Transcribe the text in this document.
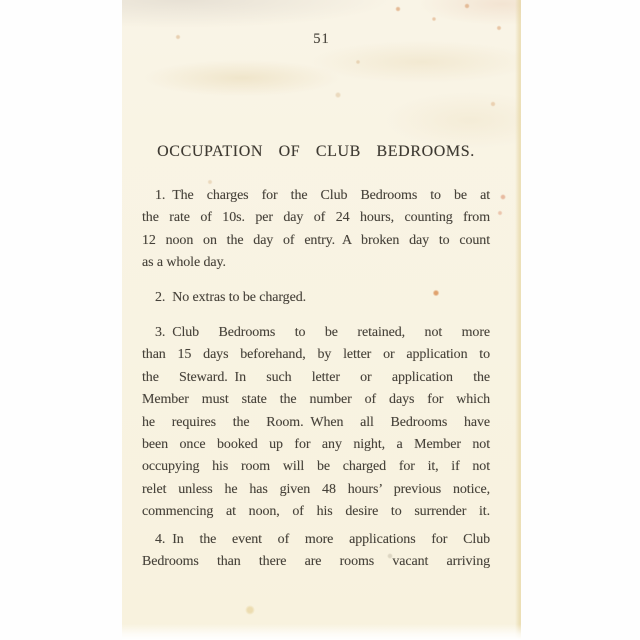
51
OCCUPATION OF CLUB BEDROOMS.
1. The charges for the Club Bedrooms to be at
the rate of 10s. per day of 24 hours, counting from
12 noon on the day of entry. A broken day to count
as a whole day.
2. No extras to be charged.
3. Club Bedrooms to be retained, not more
than 15 days beforehand, by letter or application to
the Steward. In such letter or application the
Member must state the number of days for which
he requires the Room. When all Bedrooms have
been once booked up for any night, a Member not
occupying his room will be charged for it, if not
relet unless he has given 48 hours’ previous notice,
commencing at noon, of his desire to surrender it.
4. In the event of more applications for Club
Bedrooms than there are rooms vacant arriving
